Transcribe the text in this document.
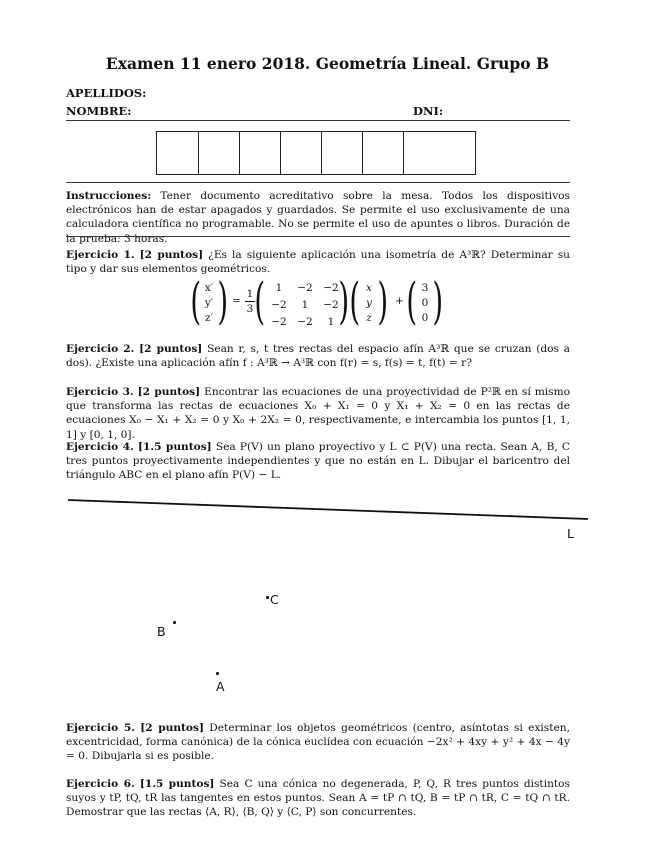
Examen 11 enero 2018. Geometría Lineal. Grupo B
APELLIDOS:
NOMBRE:	DNI:
Instrucciones: Tener documento acreditativo sobre la mesa. Todos los dispositivos electrónicos han de estar apagados y guardados. Se permite el uso exclusivamente de una calculadora científica no programable. No se permite el uso de apuntes o libros. Duración de la prueba: 3 horas.
Ejercicio 1. [2 puntos] ¿Es la siguiente aplicación una isometría de A³ℝ? Determinar su tipo y dar sus elementos geométricos.
( x′
y′
z′ ) =
1
3 ( 1	−2	−2
−2	1	−2
−2	−2	1 ) ( x
y
z ) + ( 3
0
0 )
Ejercicio 2. [2 puntos] Sean r, s, t tres rectas del espacio afín A³ℝ que se cruzan (dos a dos). ¿Existe una aplicación afín f : A³ℝ → A³ℝ con f(r) = s, f(s) = t, f(t) = r?
Ejercicio 3. [2 puntos] Encontrar las ecuaciones de una proyectividad de P²ℝ en sí mismo que transforma las rectas de ecuaciones X₀ + X₁ = 0 y X₁ + X₂ = 0 en las rectas de ecuaciones X₀ − X₁ + X₂ = 0 y X₀ + 2X₂ = 0, respectivamente, e intercambia los puntos [1, 1, 1] y [0, 1, 0].
Ejercicio 4. [1.5 puntos] Sea P(V) un plano proyectivo y L ⊂ P(V) una recta. Sean A, B, C tres puntos proyectivamente independientes y que no están en L. Dibujar el baricentro del triángulo ABC en el plano afín P(V) − L.
L
C
B
A
Ejercicio 5. [2 puntos] Determinar los objetos geométricos (centro, asíntotas si existen, excentricidad, forma canónica) de la cónica euclídea con ecuación −2x² + 4xy + y² + 4x − 4y = 0. Dibujarla si es posible.
Ejercicio 6. [1.5 puntos] Sea C una cónica no degenerada, P, Q, R tres puntos distintos suyos y tP, tQ, tR las tangentes en estos puntos. Sean A = tP ∩ tQ, B = tP ∩ tR, C = tQ ∩ tR. Demostrar que las rectas ⟨A, R⟩, ⟨B, Q⟩ y ⟨C, P⟩ son concurrentes.
